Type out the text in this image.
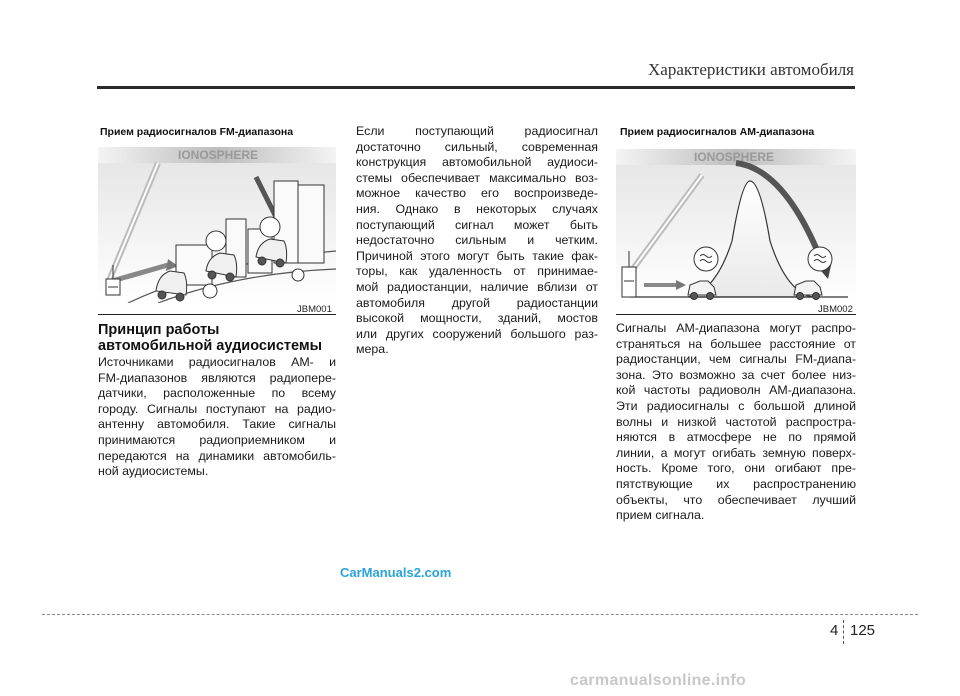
Характеристики автомобиля
Прием радиосигналов FM-диапазона
IONOSPHERE
JBM001
Принцип работы
автомобильной аудиосистемы
Источниками радиосигналов AM- и
FM-диапазонов являются радиопере-
датчики, расположенные по всему
городу. Сигналы поступают на радио-
антенну автомобиля. Такие сигналы
принимаются радиоприемником и
передаются на динамики автомобиль-
ной аудиосистемы.
Если поступающий радиосигнал
достаточно сильный, современная
конструкция автомобильной аудиоси-
стемы обеспечивает максимально воз-
можное качество его воспроизведе-
ния. Однако в некоторых случаях
поступающий сигнал может быть
недостаточно сильным и четким.
Причиной этого могут быть такие фак-
торы, как удаленность от принимае-
мой радиостанции, наличие вблизи от
автомобиля другой радиостанции
высокой мощности, зданий, мостов
или других сооружений большого раз-
мера.
Прием радиосигналов AM-диапазона
IONOSPHERE
JBM002
Сигналы AM-диапазона могут распро-
страняться на большее расстояние от
радиостанции, чем сигналы FM-диапа-
зона. Это возможно за счет более низ-
кой частоты радиоволн AM-диапазона.
Эти радиосигналы с большой длиной
волны и низкой частотой распростра-
няются в атмосфере не по прямой
линии, а могут огибать земную поверх-
ность. Кроме того, они огибают пре-
пятствующие их распространению
объекты, что обеспечивает лучший
прием сигнала.
CarManuals2.com
4 125
carmanualsonline.info
